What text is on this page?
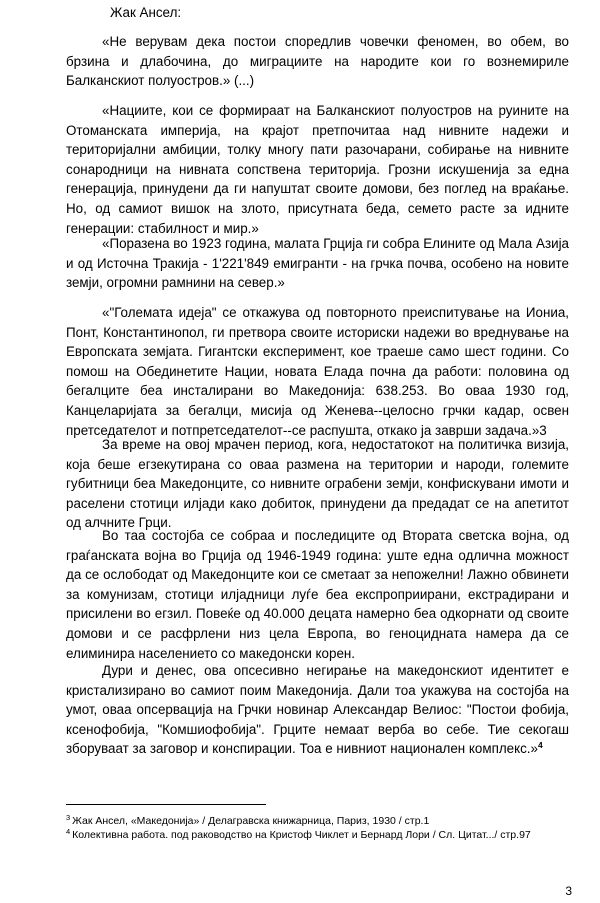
Жак Ансел:

«Не верувам дека постои споредлив човечки феномен, во обем, во брзина и длабочина, до миграциите на народите кои го вознемириле Балканскиот полуостров.» (...)

«Нациите, кои се формираат на Балканскиот полуостров на руините на Отоманската империја, на крајот претпочитаа над нивните надежи и територијални амбиции, толку многу пати разочарани, собирање на нивните сонародници на нивната сопствена територија. Грозни искушенија за една генерација, принудени да ги напуштат своите домови, без поглед на враќање. Но, од самиот вишок на злото, присутната беда, семето расте за идните генерации: стабилност и мир.»

«Поразена во 1923 година, малата Грција ги собра Елините од Мала Азија и од Источна Тракија - 1'221'849 емигранти - на грчка почва, особено на новите земји, огромни рамнини на север.»

«"Големата идеја" се откажува од повторното преиспитување на Иониа, Понт, Константинопол, ги претвора своите историски надежи во вреднување на Европската земјата. Гигантски експеримент, кое траеше само шест години. Со помош на Обединетите Нации, новата Елада почна да работи: половина од бегалците беа инсталирани во Македонија: 638.253. Во оваа 1930 год, Канцеларијата за бегалци, мисија од Женева‐‐целосно грчки кадар, освен претседателот и потпретседателот‐‐се распушта, откако ја заврши задача.»3

За време на овој мрачен период, кога, недостатокот на политичка визија, која беше егзекутирана со оваа размена на територии и народи, големите губитници беа Македонците, со нивните ограбени земји, конфискувани имоти и раселени стотици илјади како добиток, принудени да предадат се на апетитот од алчните Грци.

Во таа состојба се собраа и последиците од Втората светска војна, од граѓанската војна во Грција од 1946-1949 година: уште една одлична можност да се ослободат од Македонците кои се сметаат за непожелни! Лажно обвинети за комунизам, стотици илјадници луѓе беа експроприирани, екстрадирани и присилени во егзил. Повеќе од 40.000 децата намерно беа одкорнати од своите домови и се расфрлени низ цела Европа, во геноцидната намера да се елиминира населението со македонски корен.

Дури и денес, ова опсесивно негирање на македонскиот идентитет е кристализирано во самиот поим Македонија. Дали тоа укажува на состојба на умот, оваа опсервација на Грчки новинар Александар Велиос: "Постои фобија, ксенофобија, "Комшиофобија". Грците немаат верба во себе. Тие секогаш зборуваат за заговор и конспирации. Тоа е нивниот национален комплекс.»$^4$

$^3$ Жак Ансел, «Македонија» / Делагравска книжарница, Париз, 1930 / стр.1

$^4$ Колективна работа. под раководство на Кристоф Чиклет и Бернард Лори / Сл. Цитат.../ стр.97

3
